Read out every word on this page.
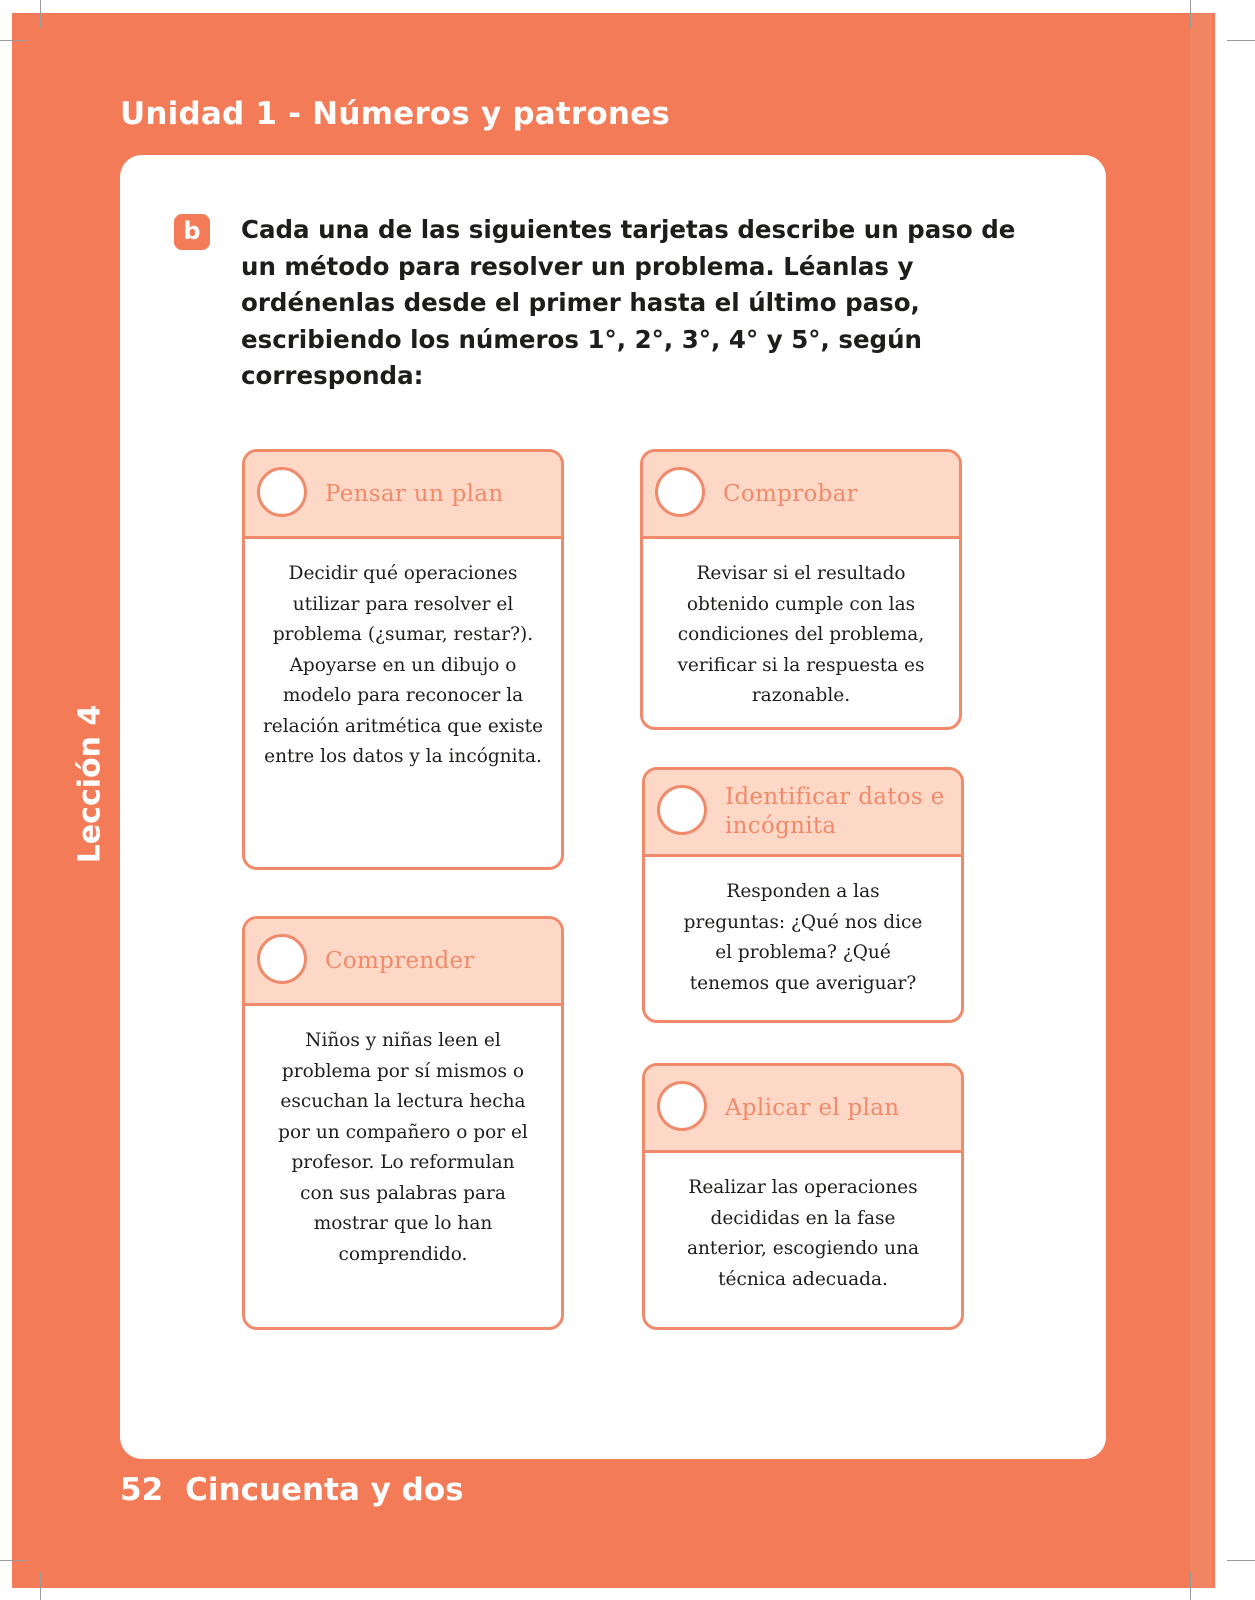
Unidad 1 - Números y patrones
Lección 4
b	Cada una de las siguientes tarjetas describe un paso de un método para resolver un problema. Léanlas y ordénenlas desde el primer hasta el último paso, escribiendo los números 1°, 2°, 3°, 4° y 5°, según corresponda:

Pensar un plan

Decidir qué operaciones utilizar para resolver el problema (¿sumar, restar?). Apoyarse en un dibujo o modelo para reconocer la relación aritmética que existe entre los datos y la incógnita.

Comprobar

Revisar si el resultado obtenido cumple con las condiciones del problema, verificar si la respuesta es razonable.

Identificar datos e incógnita

Responden a las preguntas: ¿Qué nos dice el problema? ¿Qué tenemos que averiguar?

Comprender

Niños y niñas leen el problema por sí mismos o escuchan la lectura hecha por un compañero o por el profesor. Lo reformulan con sus palabras para mostrar que lo han comprendido.

Aplicar el plan

Realizar las operaciones decididas en la fase anterior, escogiendo una técnica adecuada.

52 Cincuenta y dos
